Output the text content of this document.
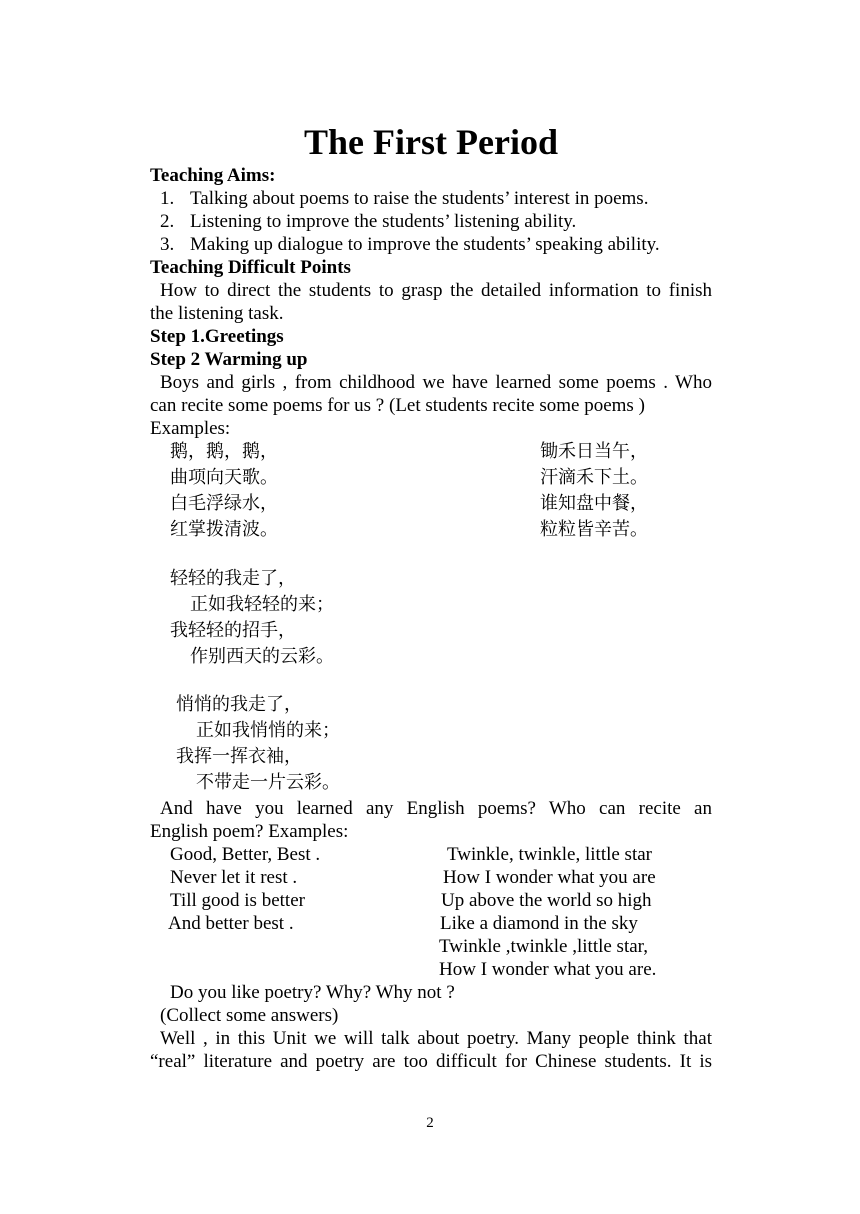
The First Period
Teaching Aims:
1. Talking about poems to raise the students’ interest in poems.
2. Listening to improve the students’ listening ability.
3. Making up dialogue to improve the students’ speaking ability.
Teaching Difficult Points
How to direct the students to grasp the detailed information to finish
the listening task.
Step 1.Greetings
Step 2 Warming up
Boys and girls , from childhood we have learned some poems . Who
can recite some poems for us ? (Let students recite some poems )
Examples:
鹅，鹅，鹅，
曲项向天歌。
白毛浮绿水，
红掌拨清波。
锄禾日当午，
汗滴禾下土。
谁知盘中餐，
粒粒皆辛苦。
轻轻的我走了，
正如我轻轻的来；
我轻轻的招手，
作别西天的云彩。
悄悄的我走了，
正如我悄悄的来；
我挥一挥衣袖，
不带走一片云彩。
And have you learned any English poems? Who can recite an
English poem? Examples:
Good, Better, Best .
Never let it rest .
Till good is better
And better best .
Twinkle, twinkle, little star
How I wonder what you are
Up above the world so high
Like a diamond in the sky
Twinkle ,twinkle ,little star,
How I wonder what you are.
Do you like poetry? Why? Why not ?
(Collect some answers)
Well , in this Unit we will talk about poetry. Many people think that
“real” literature and poetry are too difficult for Chinese students. It is
2
